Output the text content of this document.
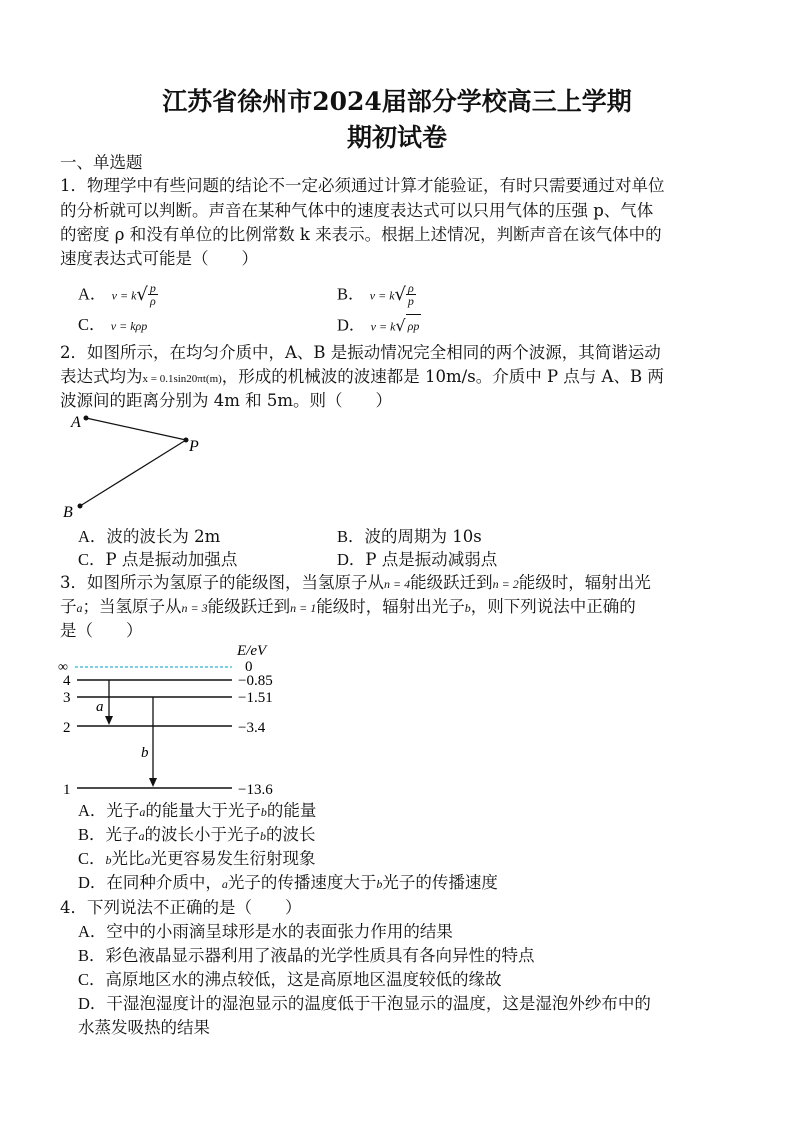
江苏省徐州市2024届部分学校高三上学期
期初试卷
一、单选题
1．物理学中有些问题的结论不一定必须通过计算才能验证，有时只需要通过对单位
的分析就可以判断。声音在某种气体中的速度表达式可以只用气体的压强 p、气体
的密度 ρ 和没有单位的比例常数 k 来表示。根据上述情况，判断声音在该气体中的
速度表达式可能是（　　）
A． v = k √ $\frac{p}{\rho}$	B． v = k √ $\frac{\rho}{p}$
C． v = kρp	D． v = k √ ρp
2．如图所示，在均匀介质中，A、B 是振动情况完全相同的两个波源，其简谐运动
表达式均为x = 0.1sin20πt(m)，形成的机械波的波速都是 10m/s。介质中 P 点与 A、B 两
波源间的距离分别为 4m 和 5m。则（　　）
A
P
B
A．波的波长为 2m	B．波的周期为 10s
C．P 点是振动加强点	D．P 点是振动减弱点
3．如图所示为氢原子的能级图，当氢原子从n = 4能级跃迁到n = 2能级时，辐射出光
子a；当氢原子从n = 3能级跃迁到n = 1能级时，辐射出光子b，则下列说法中正确的
是（　　）
E/eV
∞
4
3
2
1
0
−0.85
−1.51
−3.4
−13.6
a
b
A．光子a的能量大于光子b的能量
B．光子a的波长小于光子b的波长
C．b光比a光更容易发生衍射现象
D．在同种介质中，a光子的传播速度大于b光子的传播速度
4．下列说法不正确的是（　　）
A．空中的小雨滴呈球形是水的表面张力作用的结果
B．彩色液晶显示器利用了液晶的光学性质具有各向异性的特点
C．高原地区水的沸点较低，这是高原地区温度较低的缘故
D．干湿泡湿度计的湿泡显示的温度低于干泡显示的温度，这是湿泡外纱布中的
水蒸发吸热的结果
